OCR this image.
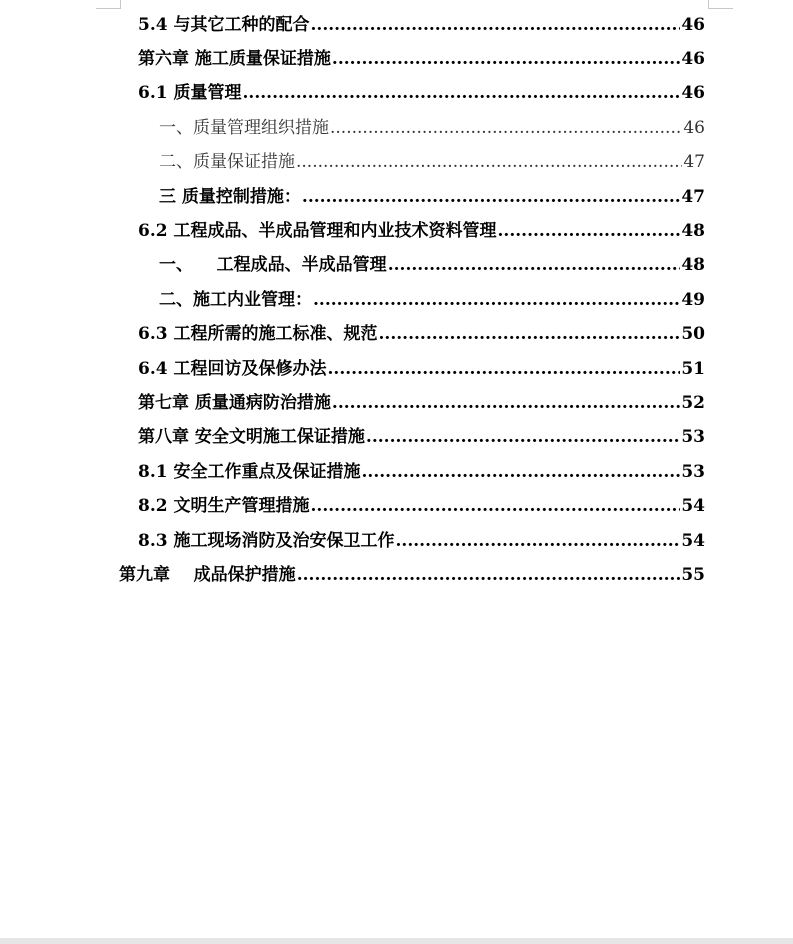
5.4 与其它工种的配合 .....	46
第六章 施工质量保证措施 .....	46
6.1 质量管理 .....	46
一、质量管理组织措施 .....	46
二、质量保证措施 .....	47
三 质量控制措施： .....	47
6.2 工程成品、半成品管理和内业技术资料管理 .....	48
一、    工程成品、半成品管理 .....	48
二、施工内业管理： .....	49
6.3 工程所需的施工标准、规范 .....	50
6.4 工程回访及保修办法 .....	51
第七章 质量通病防治措施 .....	52
第八章 安全文明施工保证措施 .....	53
8.1 安全工作重点及保证措施 .....	53
8.2 文明生产管理措施 .....	54
8.3 施工现场消防及治安保卫工作 .....	54
第九章    成品保护措施 .....	55
